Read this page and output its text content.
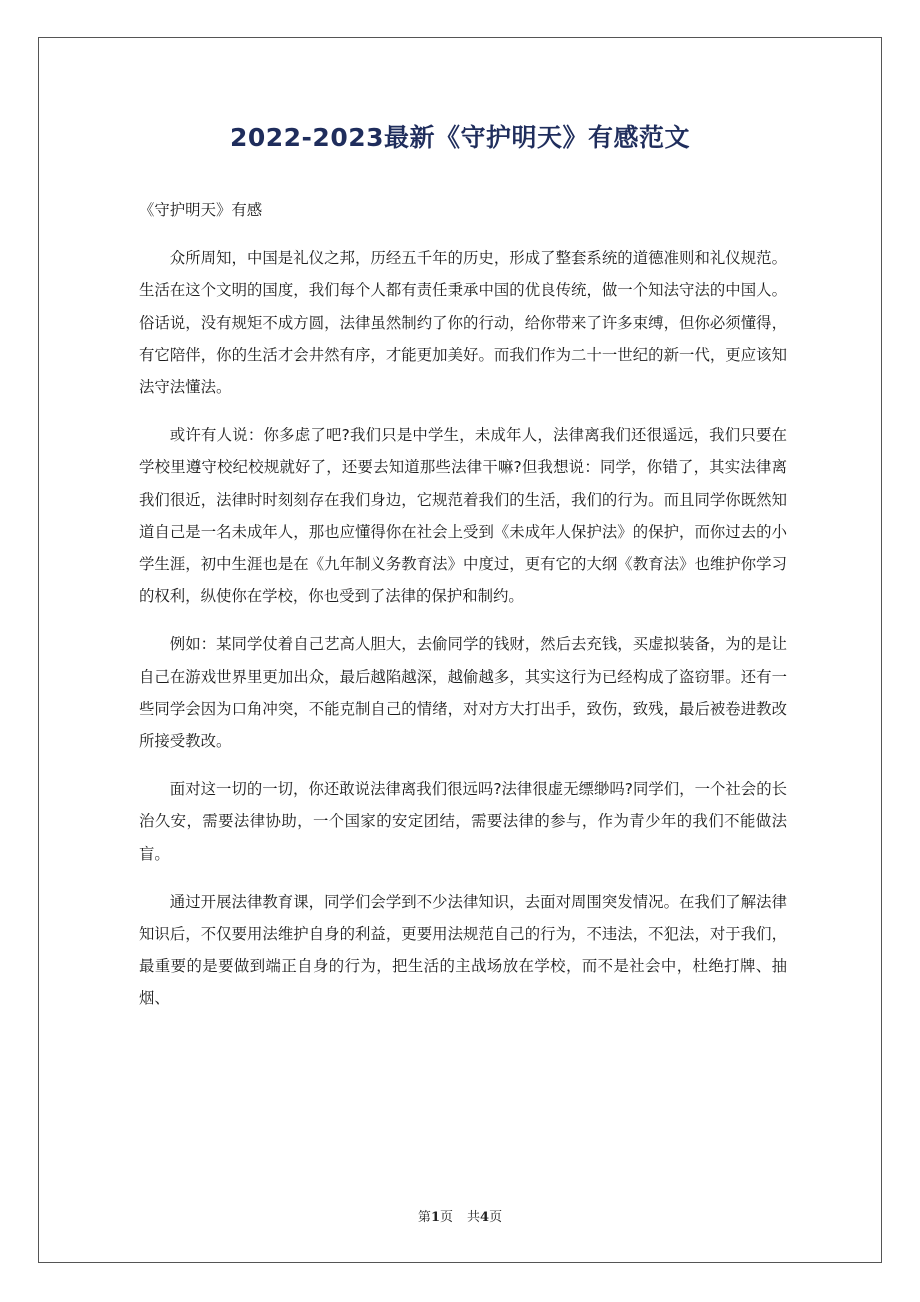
2022-2023最新《守护明天》有感范文

《守护明天》有感

众所周知，中国是礼仪之邦，历经五千年的历史，形成了整套系统的道德准则和礼仪规范。生活在这个文明的国度，我们每个人都有责任秉承中国的优良传统，做一个知法守法的中国人。俗话说，没有规矩不成方圆，法律虽然制约了你的行动，给你带来了许多束缚，但你必须懂得，有它陪伴，你的生活才会井然有序，才能更加美好。而我们作为二十一世纪的新一代，更应该知法守法懂法。

或许有人说：你多虑了吧?我们只是中学生，未成年人，法律离我们还很遥远，我们只要在学校里遵守校纪校规就好了，还要去知道那些法律干嘛?但我想说：同学，你错了，其实法律离我们很近，法律时时刻刻存在我们身边，它规范着我们的生活，我们的行为。而且同学你既然知道自己是一名未成年人，那也应懂得你在社会上受到《未成年人保护法》的保护，而你过去的小学生涯，初中生涯也是在《九年制义务教育法》中度过，更有它的大纲《教育法》也维护你学习的权利，纵使你在学校，你也受到了法律的保护和制约。

例如：某同学仗着自己艺高人胆大，去偷同学的钱财，然后去充钱，买虚拟装备，为的是让自己在游戏世界里更加出众，最后越陷越深，越偷越多，其实这行为已经构成了盗窃罪。还有一些同学会因为口角冲突，不能克制自己的情绪，对对方大打出手，致伤，致残，最后被卷进教改所接受教改。

面对这一切的一切，你还敢说法律离我们很远吗?法律很虚无缥缈吗?同学们，一个社会的长治久安，需要法律协助，一个国家的安定团结，需要法律的参与，作为青少年的我们不能做法盲。

通过开展法律教育课，同学们会学到不少法律知识，去面对周围突发情况。在我们了解法律知识后，不仅要用法维护自身的利益，更要用法规范自己的行为，不违法，不犯法，对于我们，最重要的是要做到端正自身的行为，把生活的主战场放在学校，而不是社会中，杜绝打牌、抽烟、

第1页 共4页
